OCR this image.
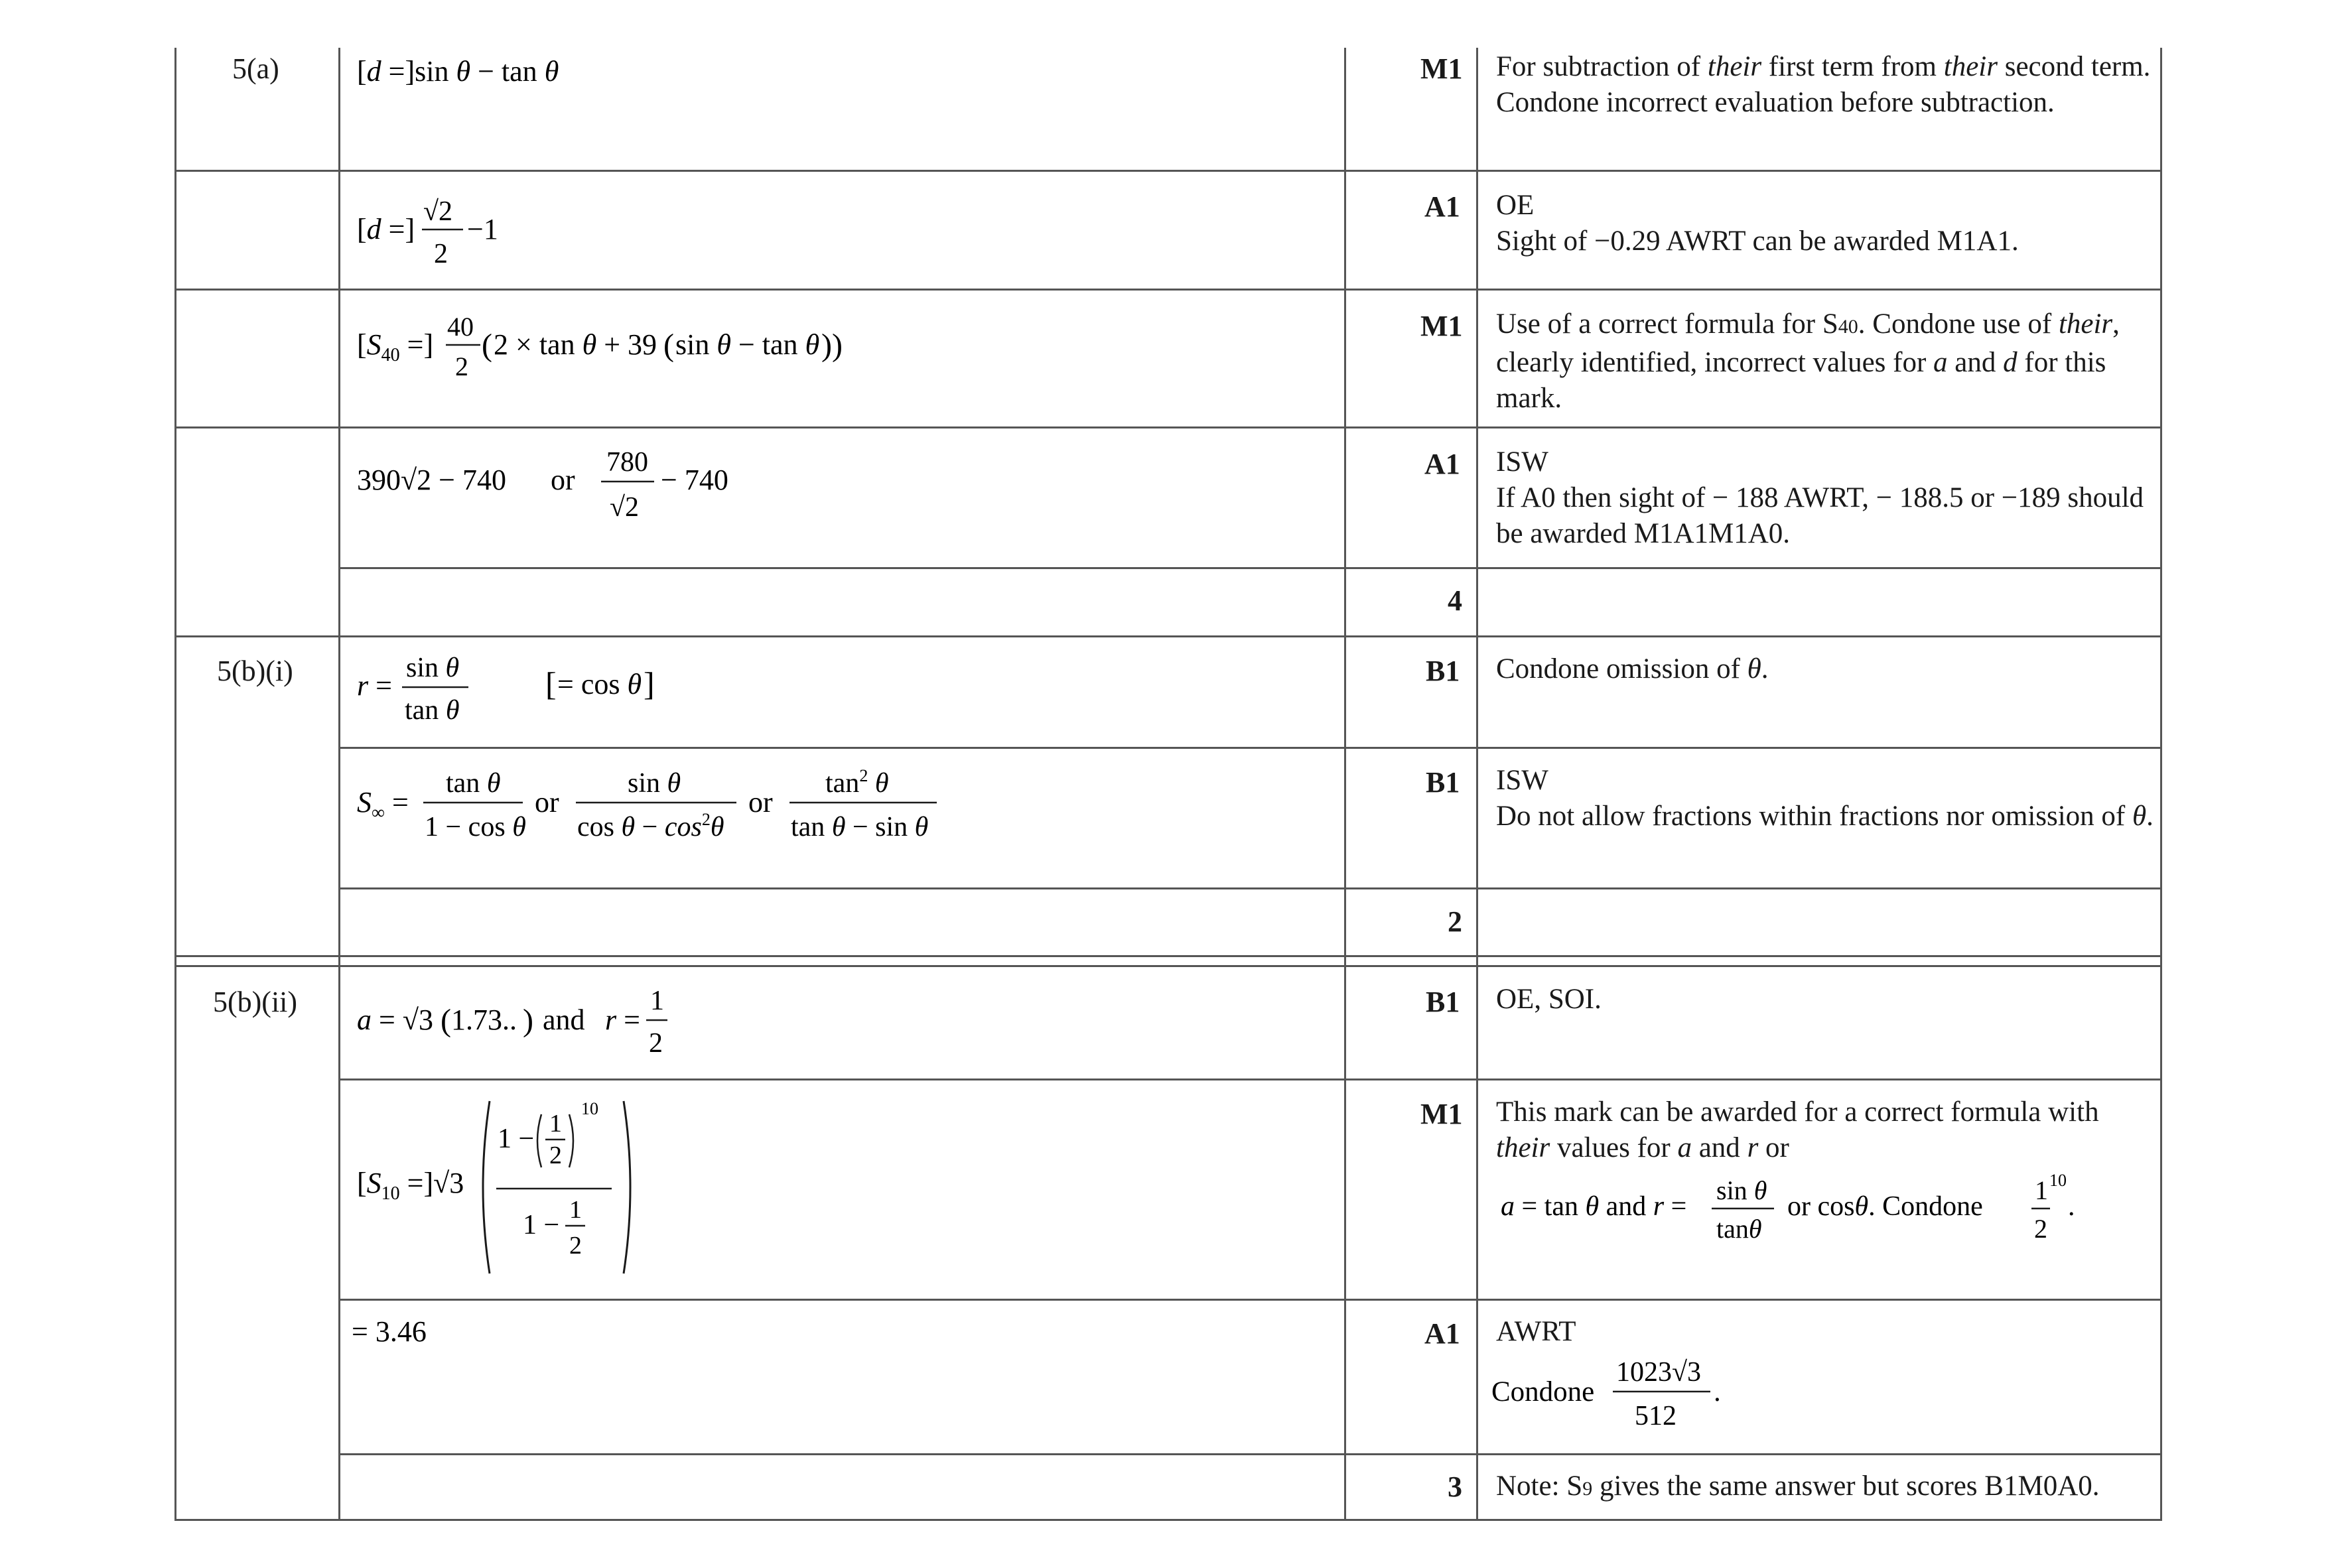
5(a)
5(b)(i)
5(b)(ii)
M1
A1
M1
A1
4
B1
B1
2
B1
M1
A1
3

For subtraction of their first term from their second term.

Condone incorrect evaluation before subtraction.

OE

Sight of −0.29 AWRT can be awarded M1A1.

Use of a correct formula for S40. Condone use of their, clearly identified, incorrect values for a and d for this mark.

ISW

If A0 then sight of − 188 AWRT, − 188.5 or −189 should be awarded M1A1M1A0.

Condone omission of θ.

ISW

Do not allow fractions within fractions nor omission of θ.

OE, SOI.

This mark can be awarded for a correct formula with their values for a and r or

a = tan θ and r =
sin θ
tanθ
or cosθ. Condone
1 10
2
.

AWRT

Condone
1023√3
512
.

Note: S9 gives the same answer but scores B1M0A0.

[d =]sin θ − tan θ
[d =]
√2
2
−1
[$S_{40}$ =]
40
2
( 2 × tan θ + 39 ( sin θ − tan θ ))
390√2 − 740 or
780
√2
− 740
r =
sin θ
tan θ
[ = cos θ ]
$S_\infty$ =
tan θ
1 − cos θ
or
sin θ
$\cos \theta - \cos^2\theta$
or
$\tan^2 \theta$
tan θ − sin θ
a = √3 ( 1.73.. ) and r =
1
2
$[S_{10} =]√3$
1 − 1
2
10
1 − 1
2
= 3.46
